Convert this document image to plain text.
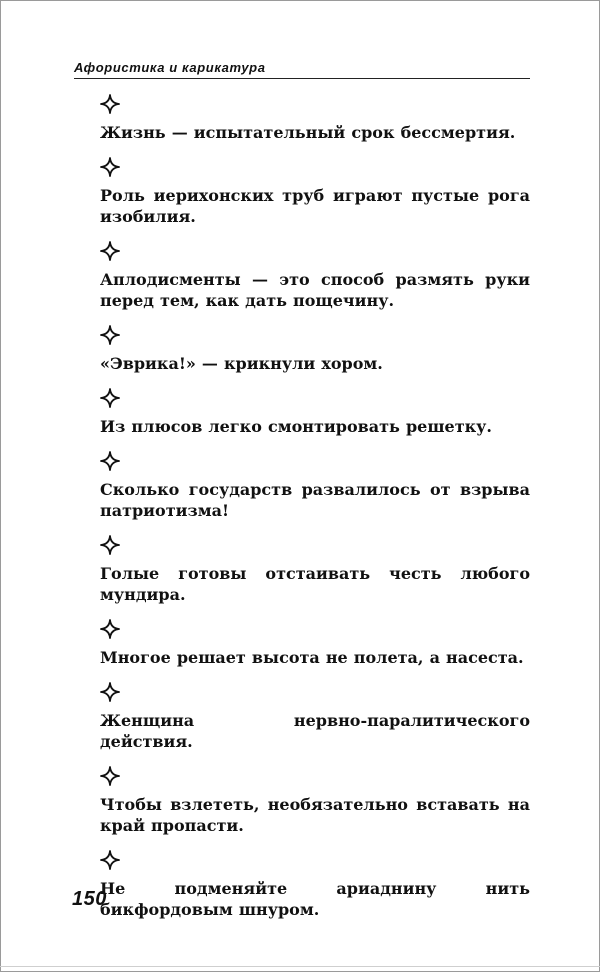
Афористика и карикатура

Жизнь — испытательный срок бессмертия.

Роль иерихонских труб играют пустые рога изобилия.

Аплодисменты — это способ размять руки перед тем, как дать пощечину.

«Эврика!» — крикнули хором.

Из плюсов легко смонтировать решетку.

Сколько государств развалилось от взрыва патриотизма!

Голые готовы отстаивать честь любого мундира.

Многое решает высота не полета, а насеста.

Женщина нервно-паралитического действия.

Чтобы взлететь, необязательно вставать на край пропасти.

Не подменяйте ариаднину нить бикфордовым шнуром.

150
